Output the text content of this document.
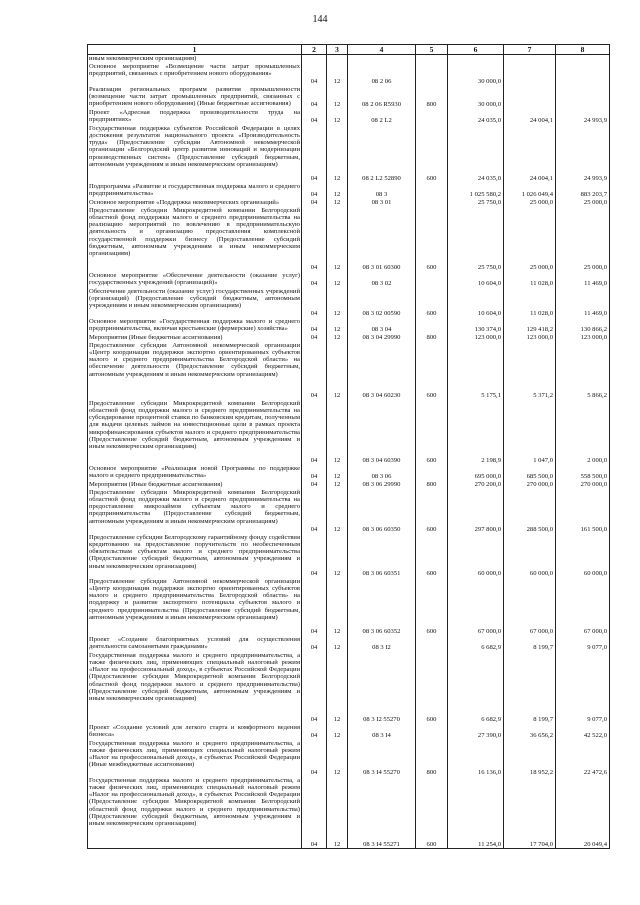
144
1	2	3	4	5	6	7	8
иным некоммерческим организациям)							
Основное мероприятие «Возмещение части затрат промышленных предприятий, связанных с приобретением нового оборудования»	04	12	08 2 06		30 000,0		
Реализация региональных программ развития промышленности (возмещение части затрат промышленных предприятий, связанных с приобретением нового оборудования) (Иные бюджетные ассигнования)	04	12	08 2 06 R5930	800	30 000,0		
Проект «Адресная поддержка производительности труда на предприятиях»	04	12	08 2 L2		24 035,0	24 004,1	24 993,9
Государственная поддержка субъектов Российской Федерации в целях достижения результатов национального проекта «Производительность труда» (Предоставление субсидии Автономной некоммерческой организации «Белгородский центр развития инноваций и модернизации производственных систем» (Предоставление субсидий бюджетным, автономным учреждениям и иным некоммерческим организациям)	04	12	08 2 L2 52890	600	24 035,0	24 004,1	24 993,9
Подпрограмма «Развитие и государственная поддержка малого и среднего предпринимательства»	04	12	08 3		1 025 580,2	1 026 049,4	883 203,7
Основное мероприятие «Поддержка некоммерческих организаций»	04	12	08 3 01		25 750,0	25 000,0	25 000,0
Предоставление субсидии Микрокредитной компании Белгородский областной фонд поддержки малого и среднего предпринимательства на реализацию мероприятий по вовлечению в предпринимательскую деятельность и организацию предоставления комплексной государственной поддержки бизнесу (Предоставление субсидий бюджетным, автономным учреждениям и иным некоммерческим организациям)	04	12	08 3 01 60300	600	25 750,0	25 000,0	25 000,0
Основное мероприятие «Обеспечение деятельности (оказание услуг) государственных учреждений (организаций)»	04	12	08 3 02		10 604,0	11 028,0	11 469,0
Обеспечение деятельности (оказание услуг) государственных учреждений (организаций) (Предоставление субсидий бюджетным, автономным учреждениям и иным некоммерческим организациям)	04	12	08 3 02 00590	600	10 604,0	11 028,0	11 469,0
Основное мероприятие «Государственная поддержка малого и среднего предпринимательства, включая крестьянские (фермерские) хозяйства»	04	12	08 3 04		130 374,0	129 418,2	130 866,2
Мероприятия (Иные бюджетные ассигнования)	04	12	08 3 04 29990	800	123 000,0	123 000,0	123 000,0
Предоставление субсидии Автономной некоммерческой организации «Центр координации поддержки экспортно ориентированных субъектов малого и среднего предпринимательства Белгородской области» на обеспечение деятельности (Предоставление субсидий бюджетным, автономным учреждениям и иным некоммерческим организациям)	04	12	08 3 04 60230	600	5 175,1	5 371,2	5 866,2
Предоставление субсидии Микрокредитной компании Белгородский областной фонд поддержки малого и среднего предпринимательства на субсидирование процентной ставки по банковским кредитам, полученным для выдачи целевых займов на инвестиционные цели в рамках проекта микрофинансирования субъектов малого и среднего предпринимательства (Предоставление субсидий бюджетным, автономным учреждениям и иным некоммерческим организациям)	04	12	08 3 04 60390	600	2 198,9	1 047,0	2 000,0
Основное мероприятие «Реализация новой Программы по поддержке малого и среднего предпринимательства»	04	12	08 3 06		695 000,0	685 500,0	558 500,0
Мероприятия (Иные бюджетные ассигнования)	04	12	08 3 06 29990	800	270 200,0	270 000,0	270 000,0
Предоставление субсидии Микрокредитной компании Белгородский областной фонд поддержки малого и среднего предпринимательства на предоставление микрозаймов субъектам малого и среднего предпринимательства (Предоставление субсидий бюджетным, автономным учреждениям и иным некоммерческим организациям)	04	12	08 3 06 60350	600	297 800,0	288 500,0	161 500,0
Предоставление субсидии Белгородскому гарантийному фонду содействия кредитованию на предоставление поручительств по необеспеченным обязательствам субъектам малого и среднего предпринимательства (Предоставление субсидий бюджетным, автономным учреждениям и иным некоммерческим организациям)	04	12	08 3 06 60351	600	60 000,0	60 000,0	60 000,0
Предоставление субсидии Автономной некоммерческой организации «Центр координации поддержки экспортно ориентированных субъектов малого и среднего предпринимательства Белгородской области» на поддержку и развитие экспортного потенциала субъектов малого и среднего предпринимательства (Предоставление субсидий бюджетным, автономным учреждениям и иным некоммерческим организациям)	04	12	08 3 06 60352	600	67 000,0	67 000,0	67 000,0
Проект «Создание благоприятных условий для осуществления деятельности самозанятыми гражданами»	04	12	08 3 I2		6 682,9	8 199,7	9 077,0
Государственная поддержка малого и среднего предпринимательства, а также физических лиц, применяющих специальный налоговый режим «Налог на профессиональный доход», в субъектах Российской Федерации (Предоставление субсидии Микрокредитной компании Белгородский областной фонд поддержки малого и среднего предпринимательства) (Предоставление субсидий бюджетным, автономным учреждениям и иным некоммерческим организациям)	04	12	08 3 I2 55270	600	6 682,9	8 199,7	9 077,0
Проект «Создание условий для легкого старта и комфортного ведения бизнеса»	04	12	08 3 I4		27 390,0	36 656,2	42 522,0
Государственная поддержка малого и среднего предпринимательства, а также физических лиц, применяющих специальный налоговый режим «Налог на профессиональный доход», в субъектах Российской Федерации (Иные межбюджетные ассигнования)	04	12	08 3 I4 55270	800	16 136,0	18 952,2	22 472,6
Государственная поддержка малого и среднего предпринимательства, а также физических лиц, применяющих специальный налоговый режим «Налог на профессиональный доход», в субъектах Российской Федерации (Предоставление субсидии Микрокредитной компании Белгородский областной фонд поддержки малого и среднего предпринимательства) (Предоставление субсидий бюджетным, автономным учреждениям и иным некоммерческим организациям)	04	12	08 3 I4 55271	600	11 254,0	17 704,0	20 049,4
